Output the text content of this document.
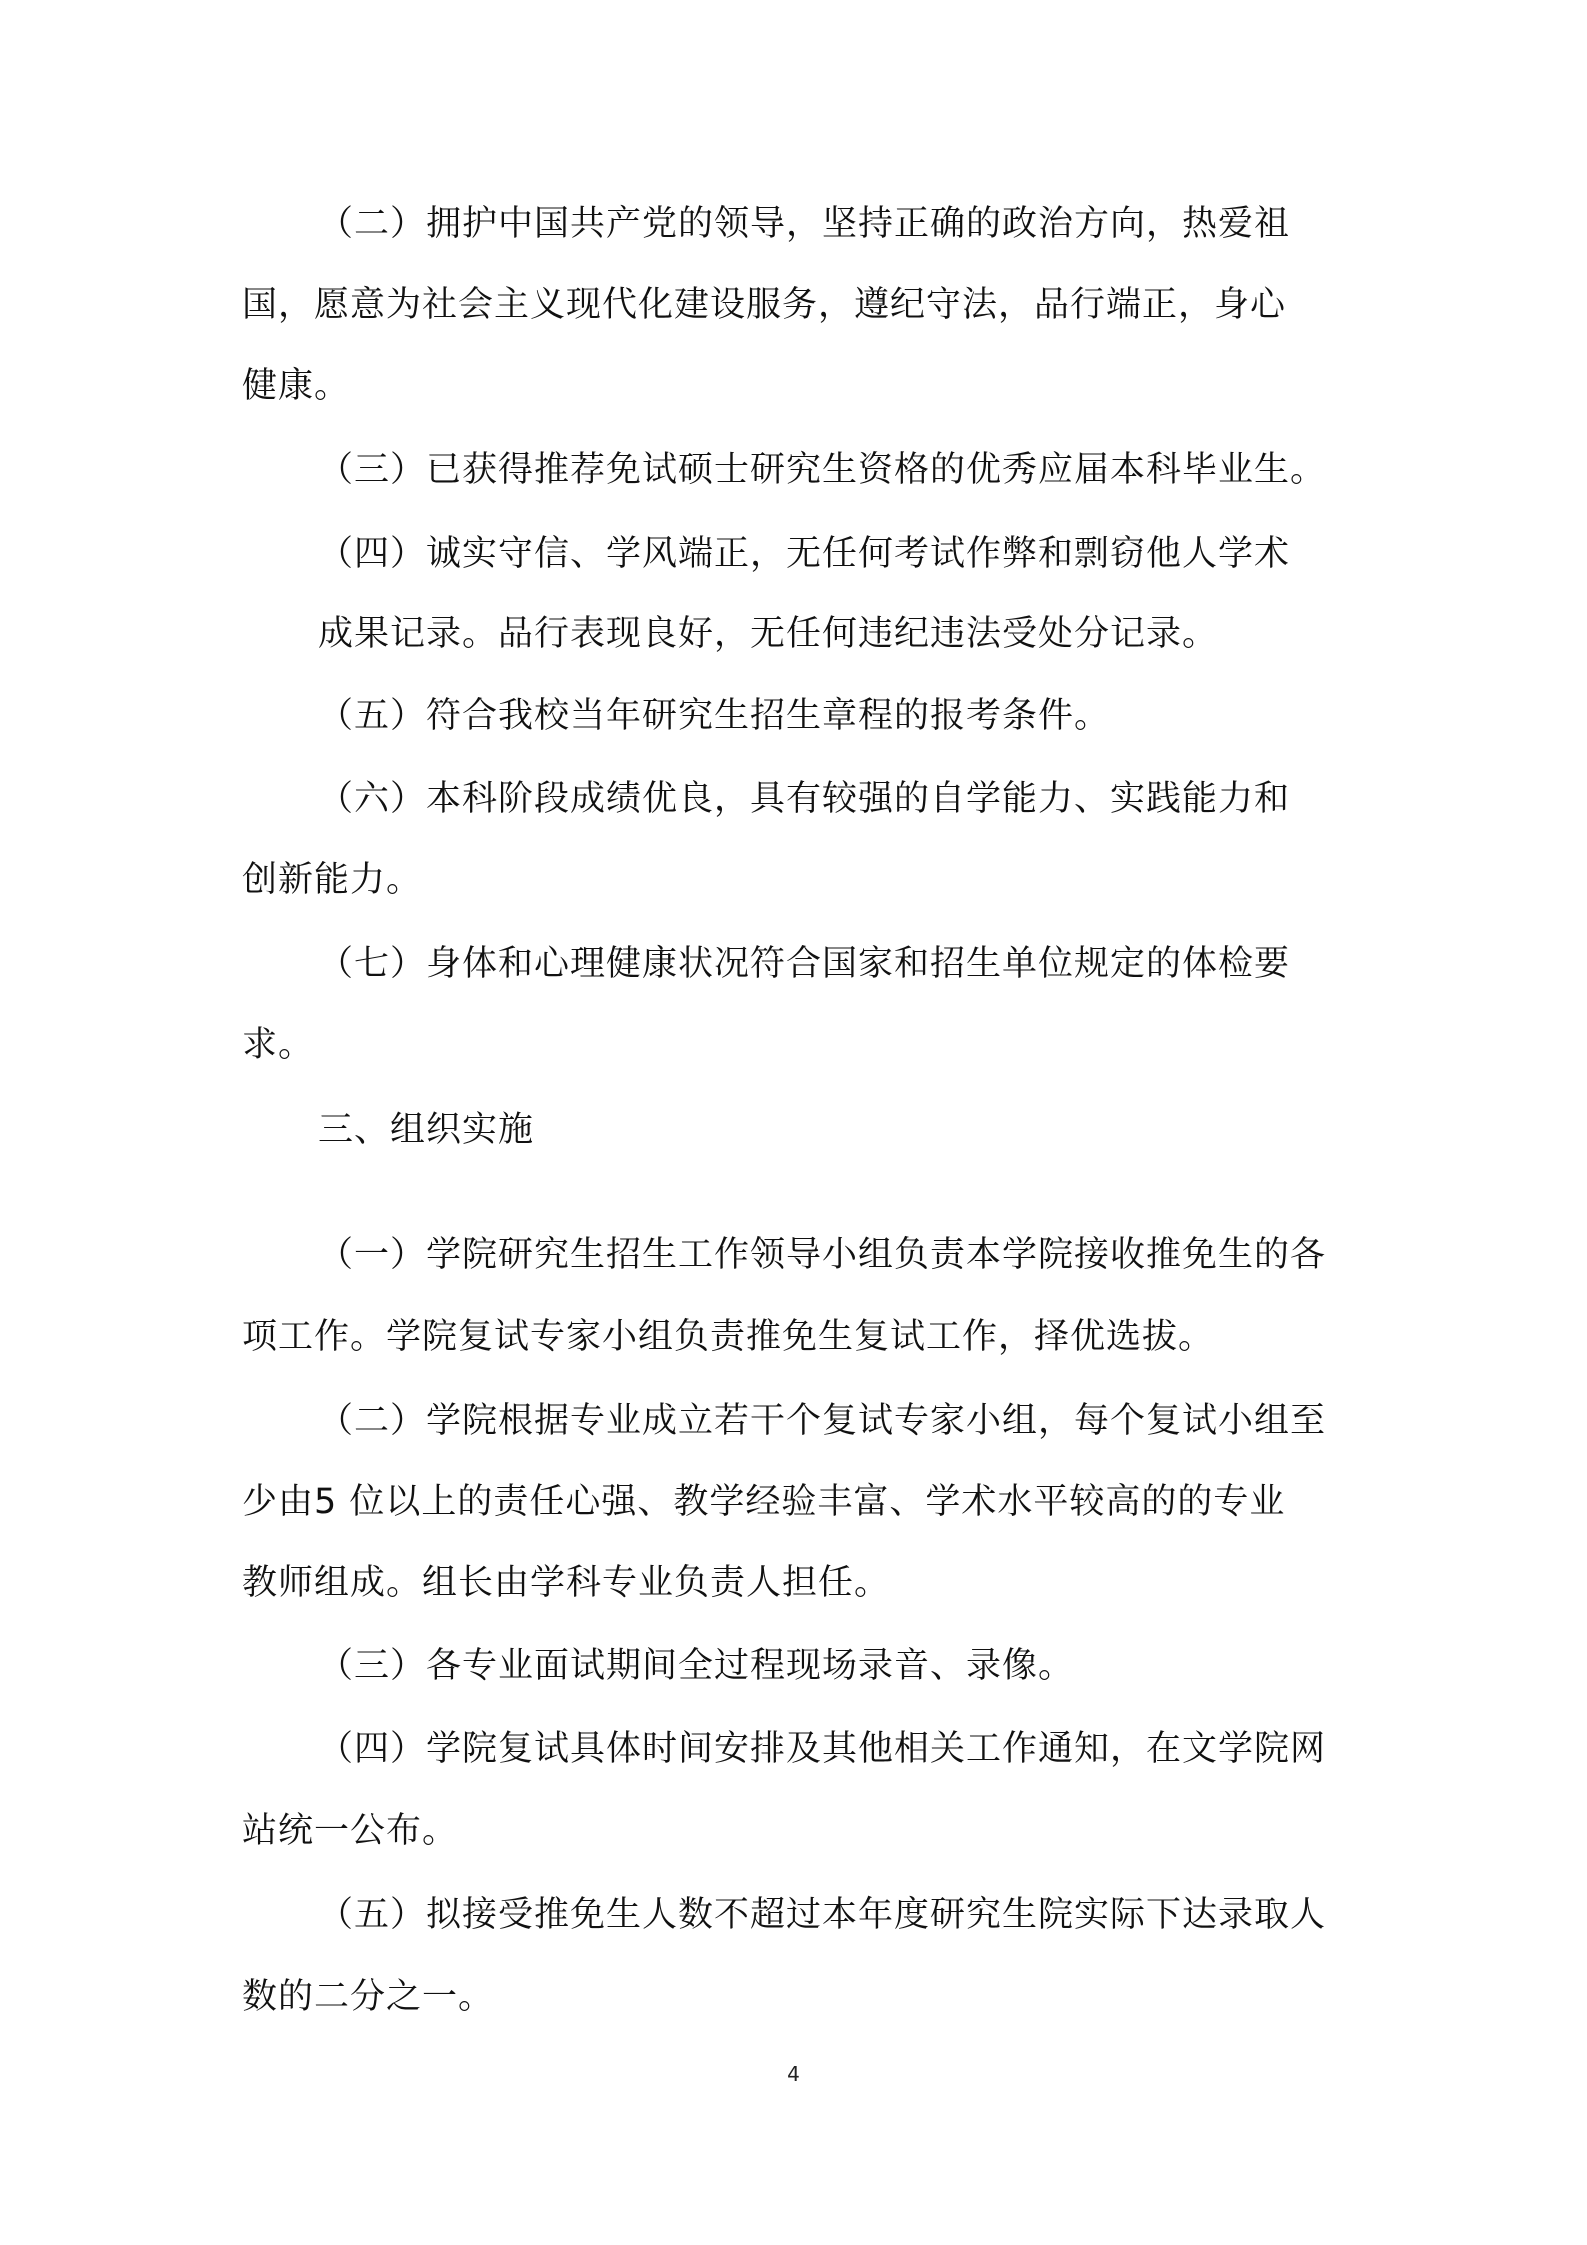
（二）拥护中国共产党的领导，坚持正确的政治方向，热爱祖

国，愿意为社会主义现代化建设服务，遵纪守法，品行端正，身心

健康。

（三）已获得推荐免试硕士研究生资格的优秀应届本科毕业生。

（四）诚实守信、学风端正，无任何考试作弊和剽窃他人学术

成果记录。品行表现良好，无任何违纪违法受处分记录。

（五）符合我校当年研究生招生章程的报考条件。

（六）本科阶段成绩优良，具有较强的自学能力、实践能力和

创新能力。

（七）身体和心理健康状况符合国家和招生单位规定的体检要

求。

三、组织实施

（一）学院研究生招生工作领导小组负责本学院接收推免生的各

项工作。学院复试专家小组负责推免生复试工作，择优选拔。

（二）学院根据专业成立若干个复试专家小组，每个复试小组至

少由5 位以上的责任心强、教学经验丰富、学术水平较高的的专业

教师组成。组长由学科专业负责人担任。

（三）各专业面试期间全过程现场录音、录像。

（四）学院复试具体时间安排及其他相关工作通知，在文学院网

站统一公布。

（五）拟接受推免生人数不超过本年度研究生院实际下达录取人

数的二分之一。

4
